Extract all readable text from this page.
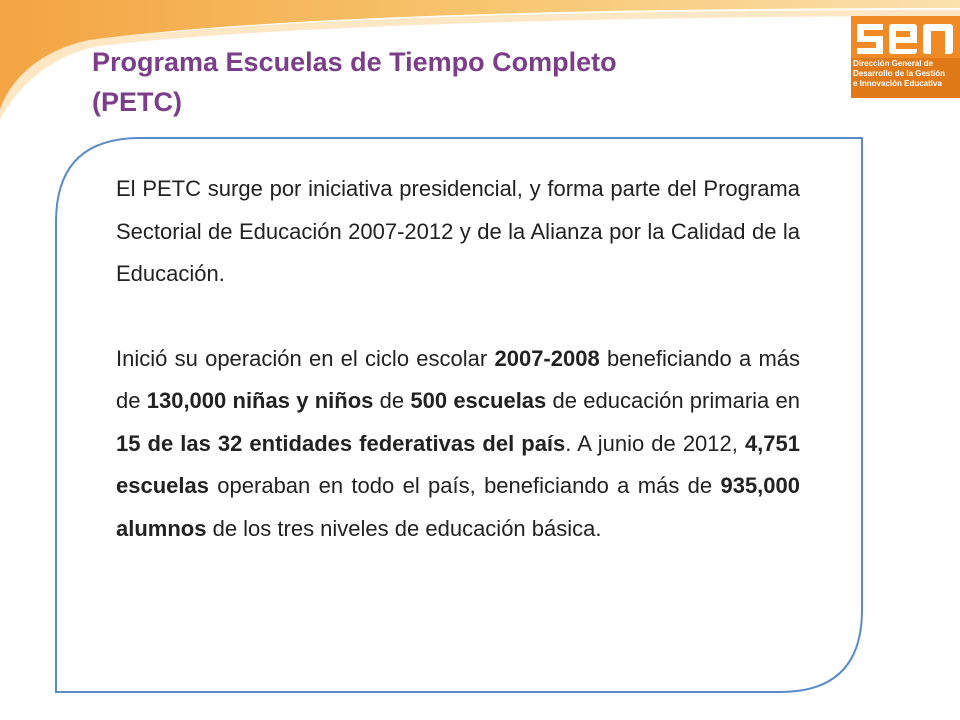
Programa Escuelas de Tiempo Completo
(PETC)
Dirección General de
Desarrollo de la Gestión
e Innovación Educativa

El PETC surge por iniciativa presidencial, y forma parte del Programa Sectorial de Educación 2007-2012 y de la Alianza por la Calidad de la Educación.

Inició su operación en el ciclo escolar 2007-2008 beneficiando a más de 130,000 niñas y niños de 500 escuelas de educación primaria en 15 de las 32 entidades federativas del país. A junio de 2012, 4,751 escuelas operaban en todo el país, beneficiando a más de 935,000 alumnos de los tres niveles de educación básica.
